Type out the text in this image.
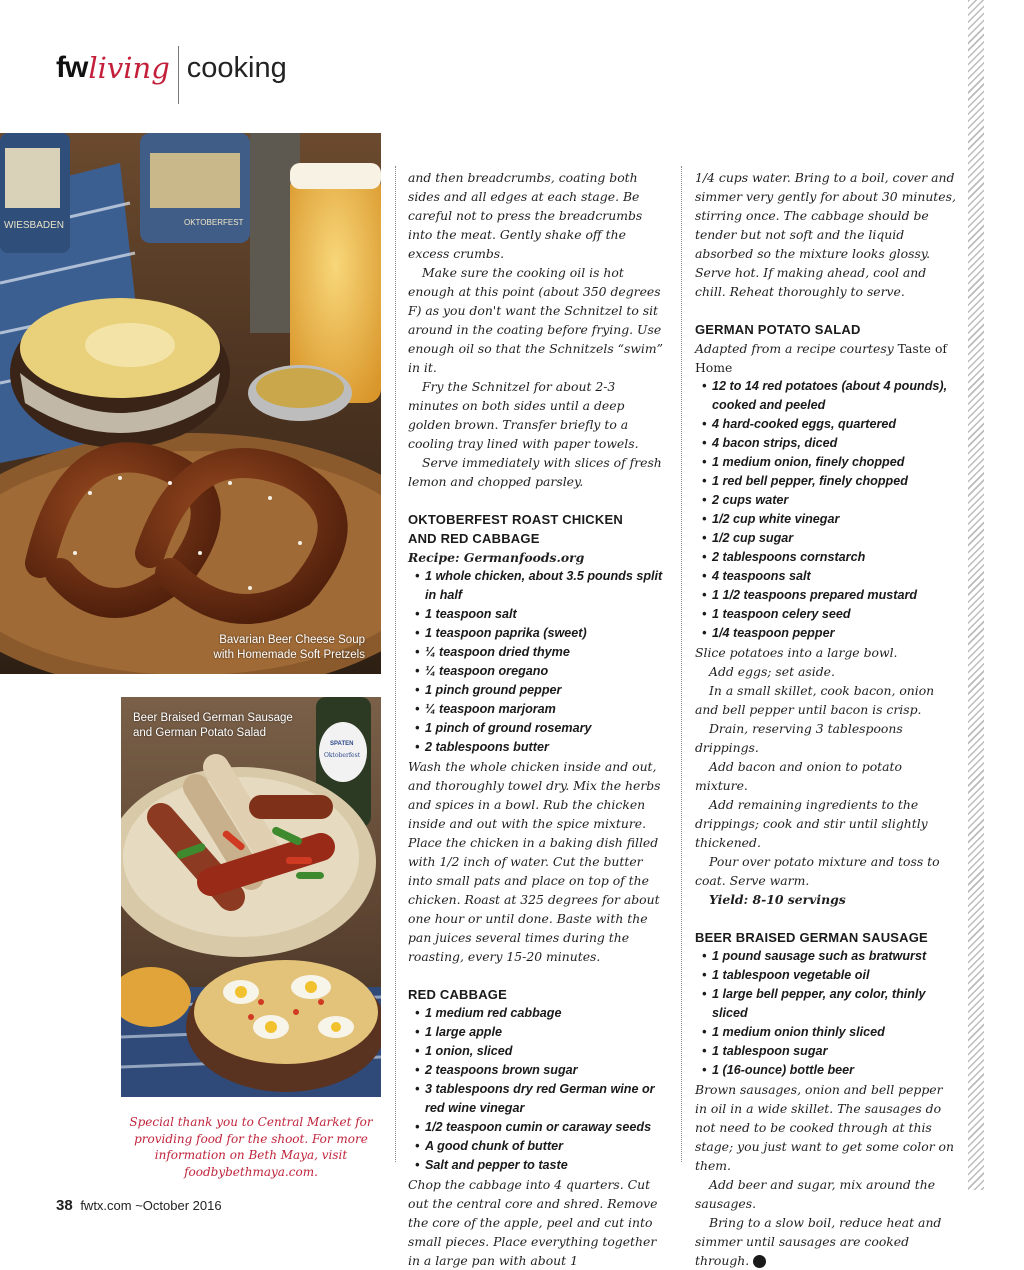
fw living cooking
WIESBADEN	OKTOBERFEST
Bavarian Beer Cheese Soup
with Homemade Soft Pretzels
SPATEN
Oktoberfest
Beer Braised German Sausage
and German Potato Salad
Special thank you to Central Market for providing food for the shoot. For more information on Beth Maya, visit foodbybethmaya.com.

and then breadcrumbs, coating both sides and all edges at each stage. Be careful not to press the breadcrumbs into the meat. Gently shake off the excess crumbs.

Make sure the cooking oil is hot enough at this point (about 350 degrees F) as you don't want the Schnitzel to sit around in the coating before frying. Use enough oil so that the Schnitzels “swim” in it.

Fry the Schnitzel for about 2-3 minutes on both sides until a deep golden brown. Transfer briefly to a cooling tray lined with paper towels.

Serve immediately with slices of fresh lemon and chopped parsley.

OKTOBERFEST ROAST CHICKEN

AND RED CABBAGE

Recipe: Germanfoods.org

• 1 whole chicken, about 3.5 pounds split in half
• 1 teaspoon salt
• 1 teaspoon paprika (sweet)
• ¼ teaspoon dried thyme
• ¼ teaspoon oregano
• 1 pinch ground pepper
• ¼ teaspoon marjoram
• 1 pinch of ground rosemary
• 2 tablespoons butter

Wash the whole chicken inside and out, and thoroughly towel dry. Mix the herbs and spices in a bowl. Rub the chicken inside and out with the spice mixture. Place the chicken in a baking dish filled with 1/2 inch of water. Cut the butter into small pats and place on top of the chicken. Roast at 325 degrees for about one hour or until done. Baste with the pan juices several times during the roasting, every 15-20 minutes.

RED CABBAGE

• 1 medium red cabbage
• 1 large apple
• 1 onion, sliced
• 2 teaspoons brown sugar
• 3 tablespoons dry red German wine or red wine vinegar
• 1/2 teaspoon cumin or caraway seeds
• A good chunk of butter
• Salt and pepper to taste

Chop the cabbage into 4 quarters. Cut out the central core and shred. Remove the core of the apple, peel and cut into small pieces. Place everything together in a large pan with about 1

1/4 cups water. Bring to a boil, cover and simmer very gently for about 30 minutes, stirring once. The cabbage should be tender but not soft and the liquid absorbed so the mixture looks glossy. Serve hot. If making ahead, cool and chill. Reheat thoroughly to serve.

GERMAN POTATO SALAD

Adapted from a recipe courtesy Taste of Home

• 12 to 14 red potatoes (about 4 pounds), cooked and peeled
• 4 hard-cooked eggs, quartered
• 4 bacon strips, diced
• 1 medium onion, finely chopped
• 1 red bell pepper, finely chopped
• 2 cups water
• 1/2 cup white vinegar
• 1/2 cup sugar
• 2 tablespoons cornstarch
• 4 teaspoons salt
• 1 1/2 teaspoons prepared mustard
• 1 teaspoon celery seed
• 1/4 teaspoon pepper

Slice potatoes into a large bowl.

Add eggs; set aside.

In a small skillet, cook bacon, onion and bell pepper until bacon is crisp.

Drain, reserving 3 tablespoons drippings.

Add bacon and onion to potato mixture.

Add remaining ingredients to the drippings; cook and stir until slightly thickened.

Pour over potato mixture and toss to coat. Serve warm.

Yield: 8-10 servings

BEER BRAISED GERMAN SAUSAGE

• 1 pound sausage such as bratwurst
• 1 tablespoon vegetable oil
• 1 large bell pepper, any color, thinly sliced
• 1 medium onion thinly sliced
• 1 tablespoon sugar
• 1 (16-ounce) bottle beer

Brown sausages, onion and bell pepper in oil in a wide skillet. The sausages do not need to be cooked through at this stage; you just want to get some color on them.

Add beer and sugar, mix around the sausages.

Bring to a slow boil, reduce heat and simmer until sausages are cooked through.	fw

38 fwtx.com ~October 2016
